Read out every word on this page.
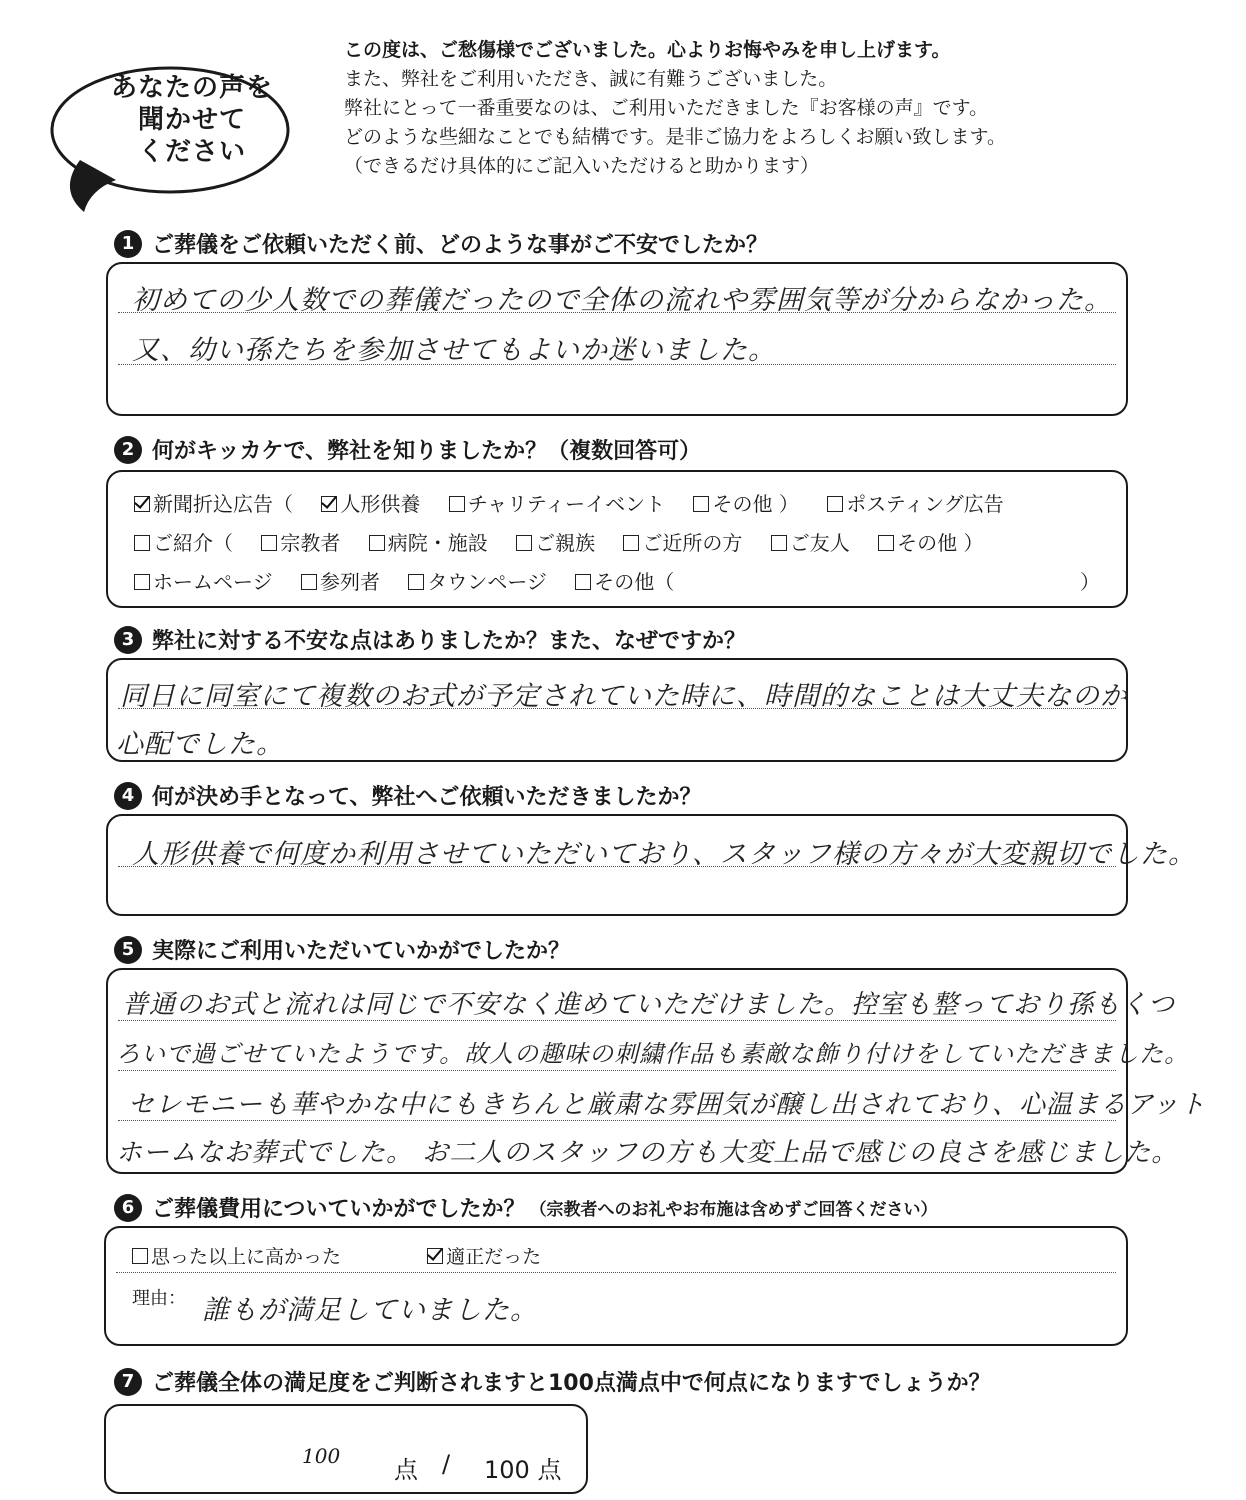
あなたの声を
聞かせて
ください
この度は、ご愁傷様でございました。心よりお悔やみを申し上げます。
また、弊社をご利用いただき、誠に有難うございました。
弊社にとって一番重要なのは、ご利用いただきました『お客様の声』です。
どのような些細なことでも結構です。是非ご協力をよろしくお願い致します。
（できるだけ具体的にご記入いただけると助かります）
1 ご葬儀をご依頼いただく前、どのような事がご不安でしたか？
初めての少人数での葬儀だったので全体の流れや雰囲気等が分からなかった。
又、幼い孫たちを参加させてもよいか迷いました。
2 何がキッカケで、弊社を知りましたか？（複数回答可）
新聞折込広告（ 人形供養 チャリティーイベント その他 ） ポスティング広告
ご紹介（ 宗教者 病院・施設 ご親族 ご近所の方 ご友人 その他 ）
ホームページ 参列者 タウンページ その他（	）
3 弊社に対する不安な点はありましたか？また、なぜですか？
同日に同室にて複数のお式が予定されていた時に、時間的なことは大丈夫なのか
心配でした。
4 何が決め手となって、弊社へご依頼いただきましたか？
人形供養で何度か利用させていただいており、スタッフ様の方々が大変親切でした。
5 実際にご利用いただいていかがでしたか？
普通のお式と流れは同じで不安なく進めていただけました。控室も整っており孫もくつ
ろいで過ごせていたようです。故人の趣味の刺繍作品も素敵な飾り付けをしていただきました。
セレモニーも華やかな中にもきちんと厳粛な雰囲気が醸し出されており、心温まるアット
ホームなお葬式でした。 お二人のスタッフの方も大変上品で感じの良さを感じました。
6 ご葬儀費用についていかがでしたか？ （宗教者へのお礼やお布施は含めずご回答ください）
思った以上に高かった	適正だった
理由： 誰もが満足していました。
7 ご葬儀全体の満足度をご判断されますと100点満点中で何点になりますでしょうか？
100 点 / 100 点
